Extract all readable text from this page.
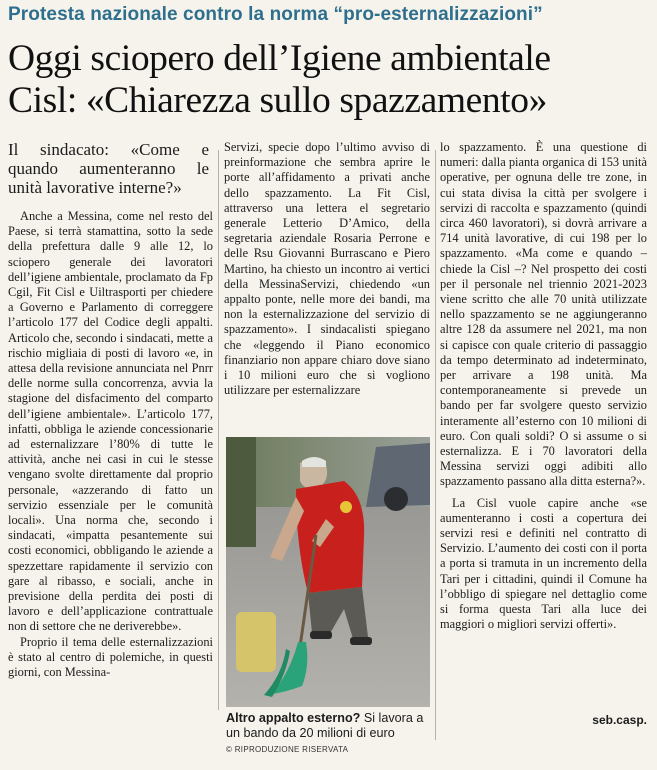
Protesta nazionale contro la norma “pro-esternalizzazioni”
Oggi sciopero dell’Igiene ambientale
Cisl: «Chiarezza sullo spazzamento»
Il sindacato: «Come e quando aumenteranno le unità lavorative interne?»

Anche a Messina, come nel resto del Paese, si terrà stamattina, sotto la sede della prefettura dalle 9 alle 12, lo sciopero generale dei lavoratori dell’igiene ambientale, proclamato da Fp Cgil, Fit Cisl e Uiltrasporti per chiedere a Governo e Parlamento di correggere l’articolo 177 del Codice degli appalti. Articolo che, secondo i sindacati, mette a rischio migliaia di posti di lavoro «e, in attesa della revisione annunciata nel Pnrr delle norme sulla concorrenza, avvia la stagione del disfacimento del comparto dell’igiene ambientale». L’articolo 177, infatti, obbliga le aziende concessionarie ad esternalizzare l’80% di tutte le attività, anche nei casi in cui le stesse vengano svolte direttamente dal proprio personale, «azzerando di fatto un servizio essenziale per le comunità locali». Una norma che, secondo i sindacati, «impatta pesantemente sui costi economici, obbligando le aziende a spezzettare rapidamente il servizio con gare al ribasso, e sociali, anche in previsione della perdita dei posti di lavoro e dell’applicazione contrattuale non di settore che ne deriverebbe».

Proprio il tema delle esternalizzazioni è stato al centro di polemiche, in questi giorni, con Messina-

Servizi, specie dopo l’ultimo avviso di preinformazione che sembra aprire le porte all’affidamento a privati anche dello spazzamento. La Fit Cisl, attraverso una lettera el segretario generale Letterio D’Amico, della segretaria aziendale Rosaria Perrone e delle Rsu Giovanni Burrascano e Piero Martino, ha chiesto un incontro ai vertici della MessinaServizi, chiedendo «un appalto ponte, nelle more dei bandi, ma non la esternalizzazione del servizio di spazzamento». I sindacalisti spiegano che «leggendo il Piano economico finanziario non appare chiaro dove siano i 10 milioni euro che si vogliono utilizzare per esternalizzare

Altro appalto esterno? Si lavora a un bando da 20 milioni di euro
© RIPRODUZIONE RISERVATA

lo spazzamento. È una questione di numeri: dalla pianta organica di 153 unità operative, per ognuna delle tre zone, in cui stata divisa la città per svolgere i servizi di raccolta e spazzamento (quindi circa 460 lavoratori), si dovrà arrivare a 714 unità lavorative, di cui 198 per lo spazzamento. «Ma come e quando – chiede la Cisl –? Nel prospetto dei costi per il personale nel triennio 2021-2023 viene scritto che alle 70 unità utilizzate nello spazzamento se ne aggiungeranno altre 128 da assumere nel 2021, ma non si capisce con quale criterio di passaggio da tempo determinato ad indeterminato, per arrivare a 198 unità. Ma contemporaneamente si prevede un bando per far svolgere questo servizio interamente all’esterno con 10 milioni di euro. Con quali soldi? O si assume o si esternalizza. E i 70 lavoratori della Messina servizi oggi adibiti allo spazzamento passano alla ditta esterna?».

La Cisl vuole capire anche «se aumenteranno i costi a copertura dei servizi resi e definiti nel contratto di Servizio. L’aumento dei costi con il porta a porta si tramuta in un incremento della Tari per i cittadini, quindi il Comune ha l’obbligo di spiegare nel dettaglio come si forma questa Tari alla luce dei maggiori o migliori servizi offerti».

seb.casp.
